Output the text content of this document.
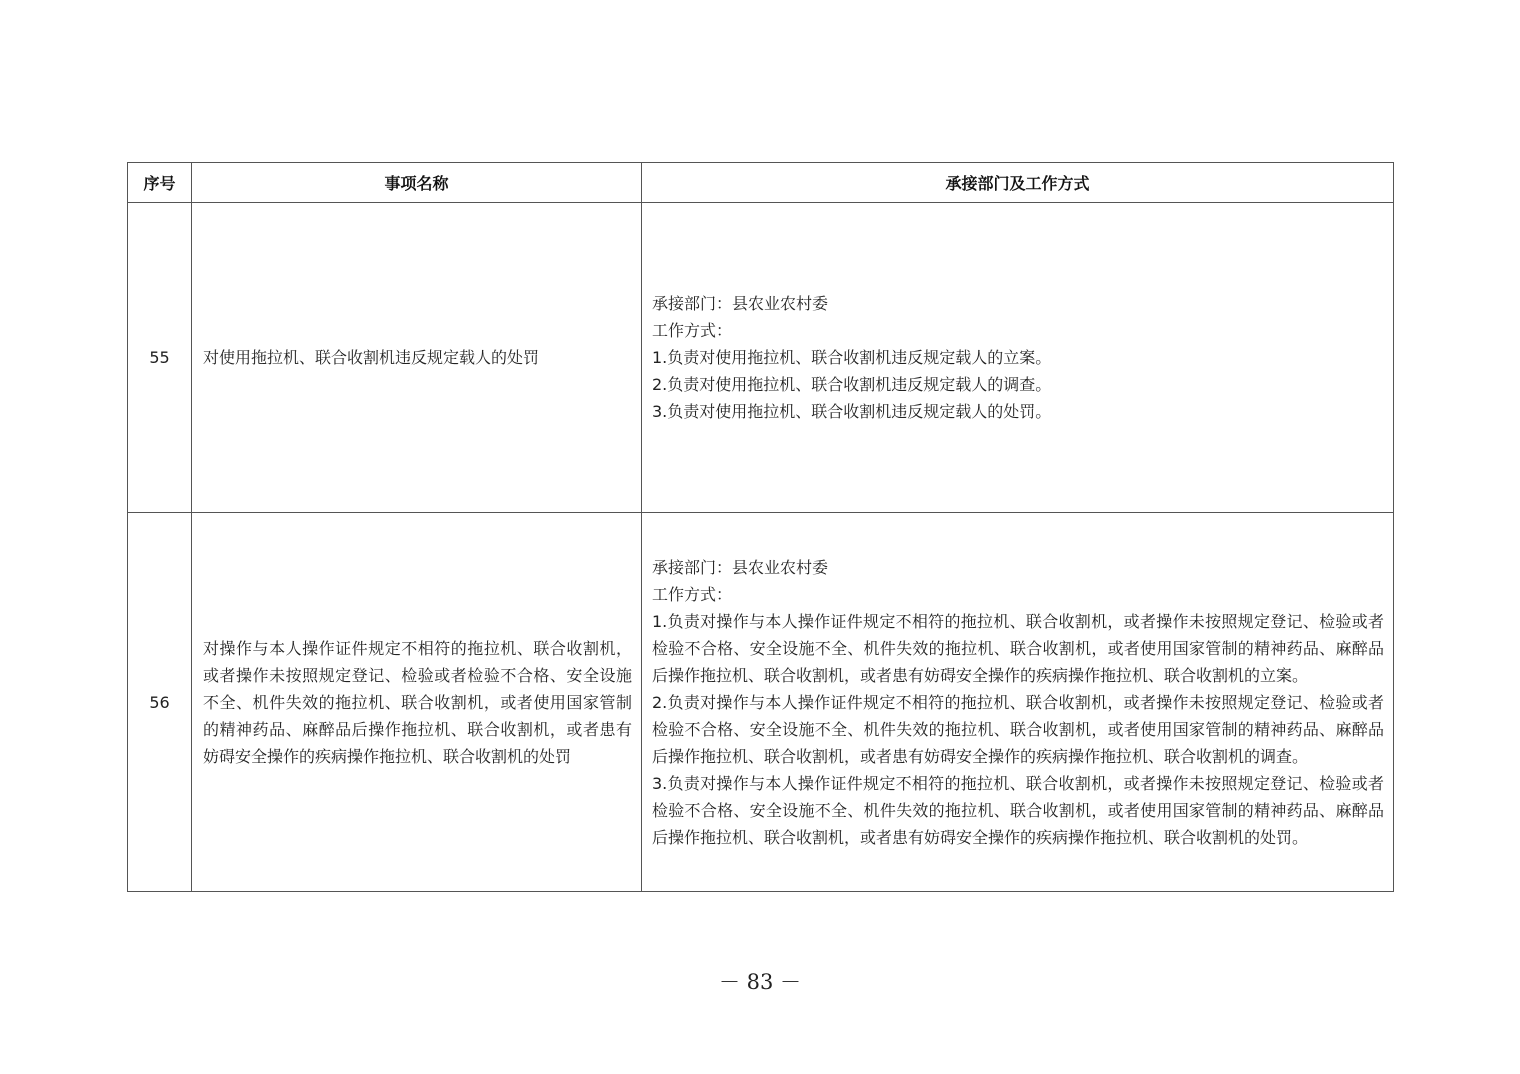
序号	事项名称	承接部门及工作方式
55	对使用拖拉机、联合收割机违反规定载人的处罚	承接部门：县农业农村委
工作方式：
1.负责对使用拖拉机、联合收割机违反规定载人的立案。
2.负责对使用拖拉机、联合收割机违反规定载人的调查。
3.负责对使用拖拉机、联合收割机违反规定载人的处罚。

56	对操作与本人操作证件规定不相符的拖拉机、联合收割机，或者操作未按照规定登记、检验或者检验不合格、安全设施不全、机件失效的拖拉机、联合收割机，或者使用国家管制的精神药品、麻醉品后操作拖拉机、联合收割机，或者患有妨碍安全操作的疾病操作拖拉机、联合收割机的处罚	承接部门：县农业农村委
工作方式：
1.负责对操作与本人操作证件规定不相符的拖拉机、联合收割机，或者操作未按照规定登记、检验或者检验不合格、安全设施不全、机件失效的拖拉机、联合收割机，或者使用国家管制的精神药品、麻醉品后操作拖拉机、联合收割机，或者患有妨碍安全操作的疾病操作拖拉机、联合收割机的立案。
2.负责对操作与本人操作证件规定不相符的拖拉机、联合收割机，或者操作未按照规定登记、检验或者检验不合格、安全设施不全、机件失效的拖拉机、联合收割机，或者使用国家管制的精神药品、麻醉品后操作拖拉机、联合收割机，或者患有妨碍安全操作的疾病操作拖拉机、联合收割机的调查。
3.负责对操作与本人操作证件规定不相符的拖拉机、联合收割机，或者操作未按照规定登记、检验或者检验不合格、安全设施不全、机件失效的拖拉机、联合收割机，或者使用国家管制的精神药品、麻醉品后操作拖拉机、联合收割机，或者患有妨碍安全操作的疾病操作拖拉机、联合收割机的处罚。
－ 83 －
